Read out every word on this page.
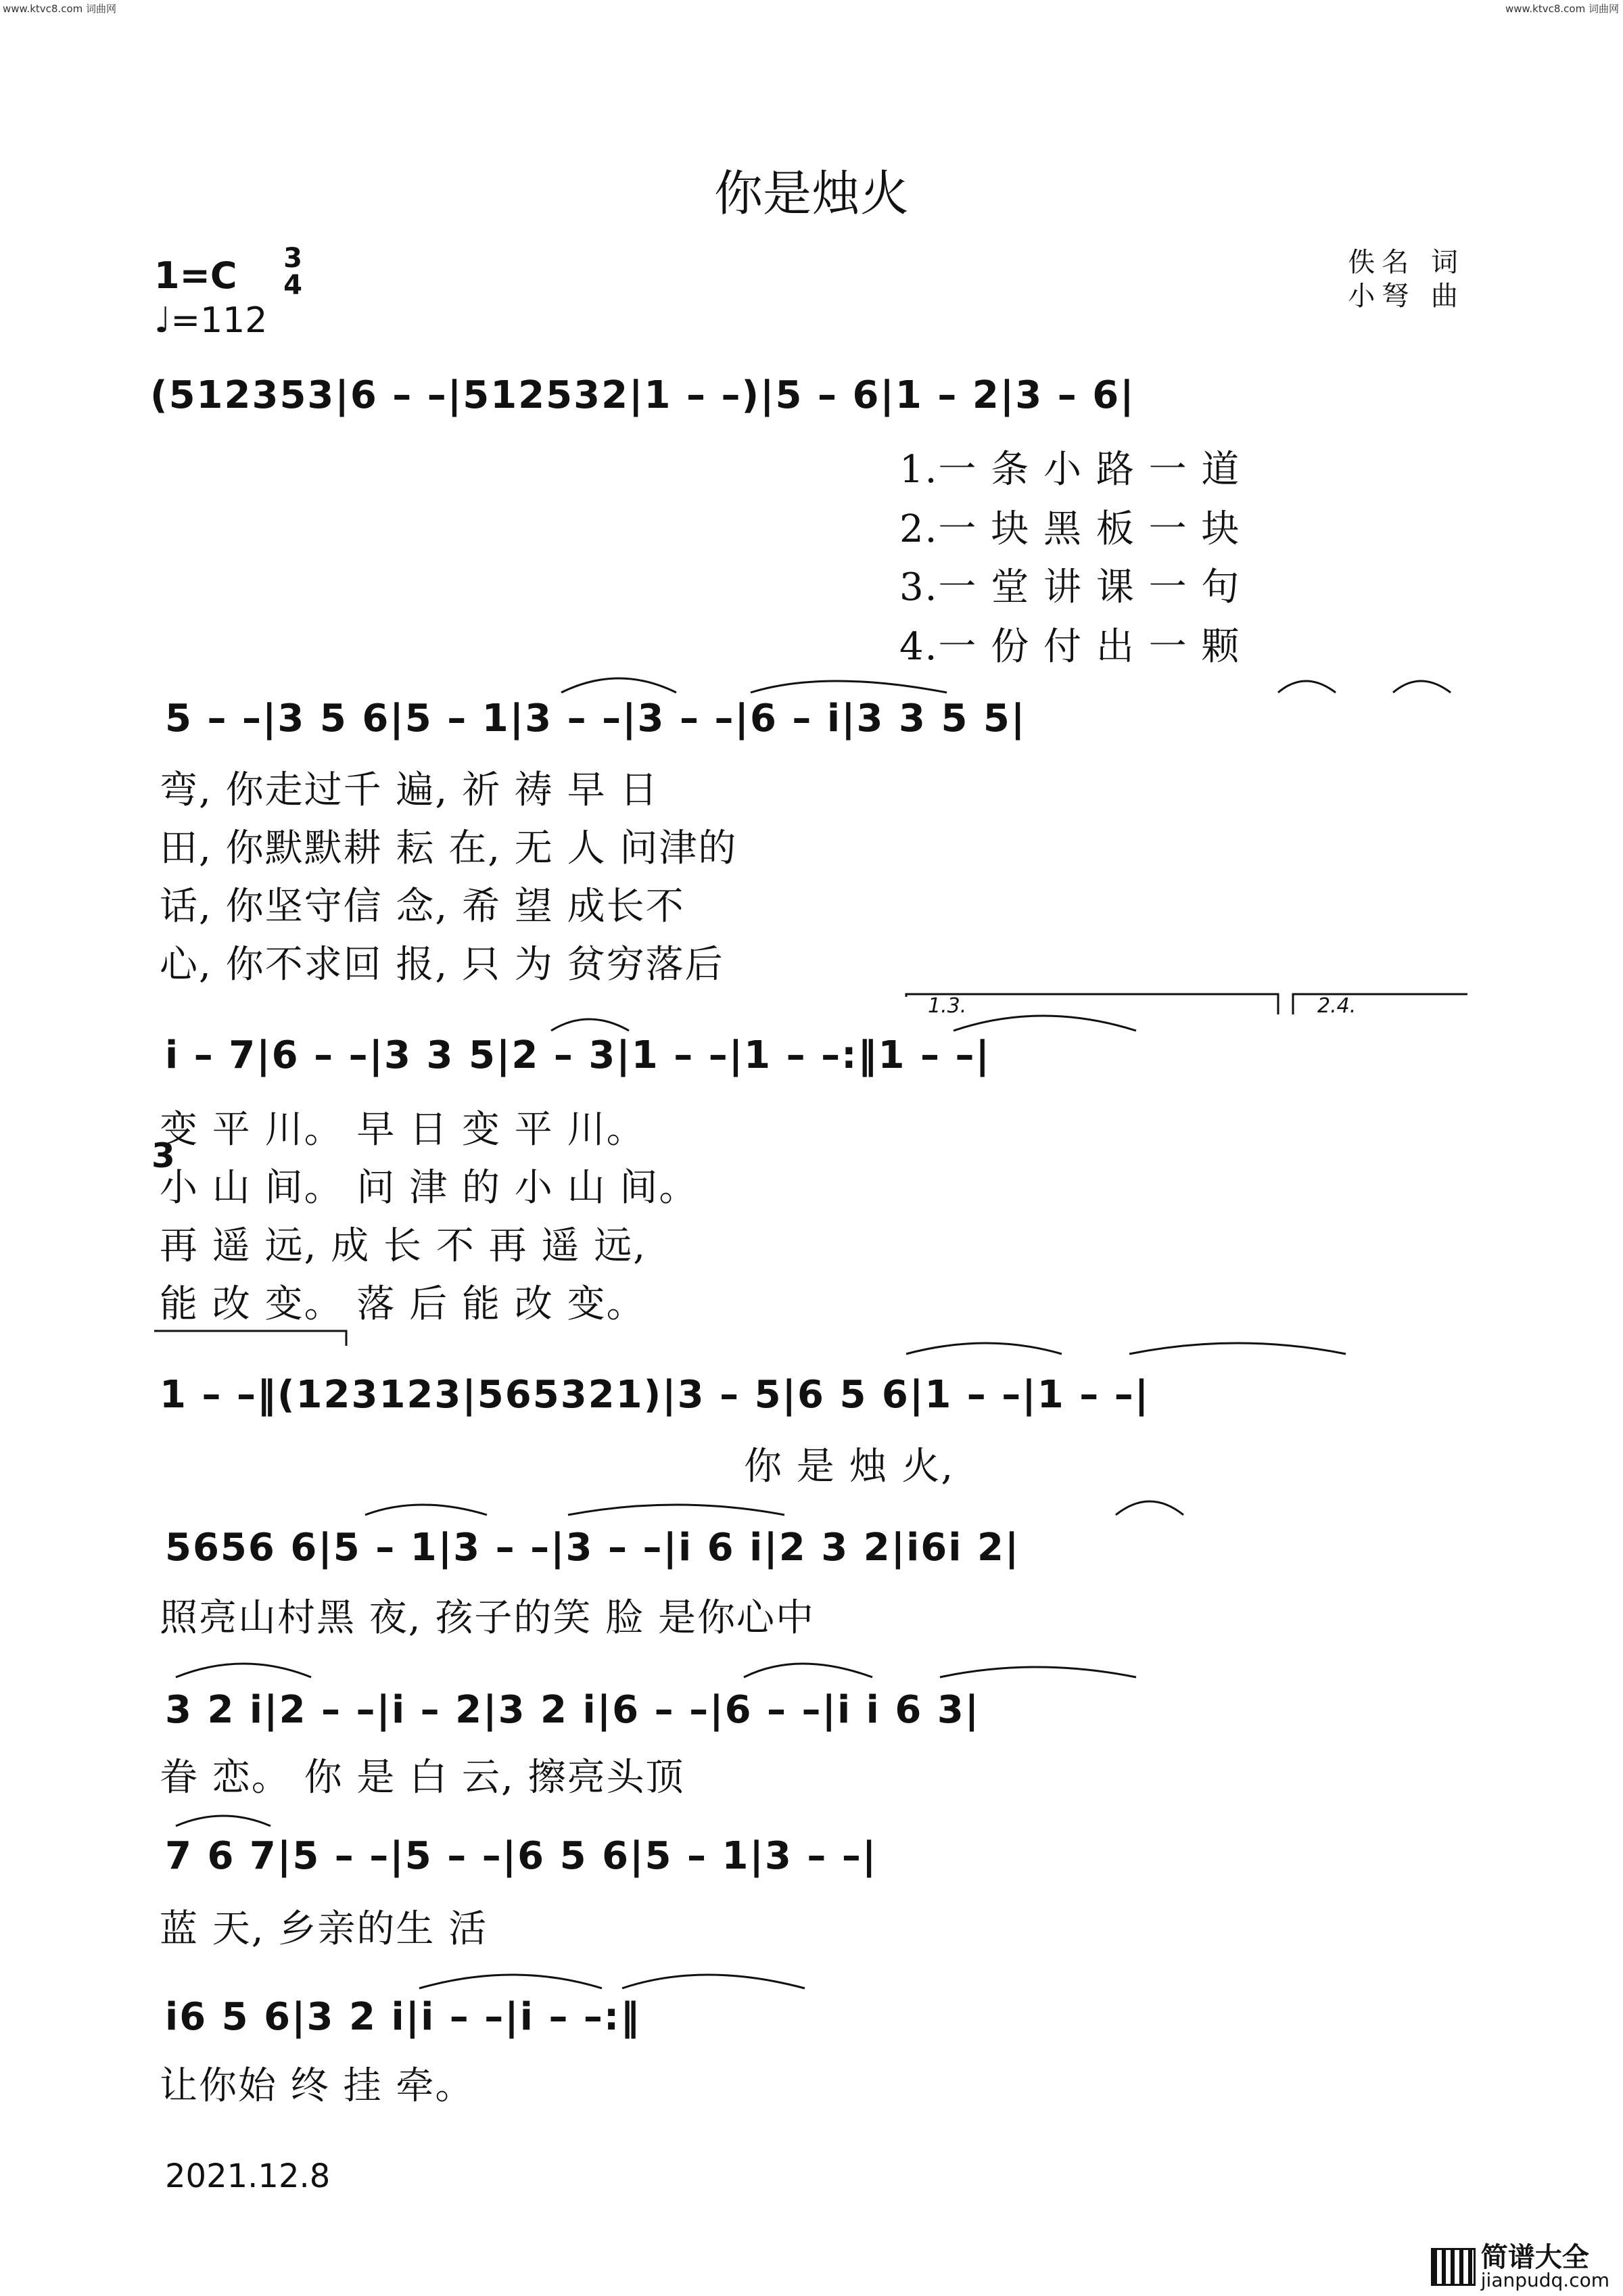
www.ktvc8.com 词曲网	www.ktvc8.com 词曲网
你是烛火
1=C 3
4
♩=112
佚名 词
小弩 曲
(512353|6 – –|512532|1 – –)|5 – 6|1 – 2|3 – 6|
1.一 条 小 路 一 道
2.一 块 黑 板 一 块
3.一 堂 讲 课 一 句
4.一 份 付 出 一 颗
5 – –|3 5 6|5 – 1|3 – –|3 – –|6 – i|3 3 5 5|
弯, 你走过千 遍, 祈 祷 早 日
田, 你默默耕 耘 在, 无 人 问津的
话, 你坚守信 念, 希 望 成长不
心, 你不求回 报, 只 为 贫穷落后
1.3.	2.4.
i – 7|6 – –|3 3 5|2 – 3|1 – –|1 – –:‖1 – –|
变 平 川。 早 日 变 平 川。
3
小 山 间。 问 津 的 小 山 间。
再 遥 远, 成 长 不 再 遥 远,
能 改 变。 落 后 能 改 变。
1 – –‖(123123|565321)|3 – 5|6 5 6|1 – –|1 – –|
你 是 烛 火,
5656 6|5 – 1|3 – –|3 – –|i 6 i|2 3 2|i6i 2|
照亮山村黑 夜, 孩子的笑 脸 是你心中
3 2 i|2 – –|i – 2|3 2 i|6 – –|6 – –|i i 6 3|
眷 恋。 你 是 白 云, 擦亮头顶
7 6 7|5 – –|5 – –|6 5 6|5 – 1|3 – –|
蓝 天, 乡亲的生 活
i6 5 6|3 2 i|i – –|i – –:‖
让你始 终 挂 牵。
2021.12.8
简谱大全
jianpudq.com
